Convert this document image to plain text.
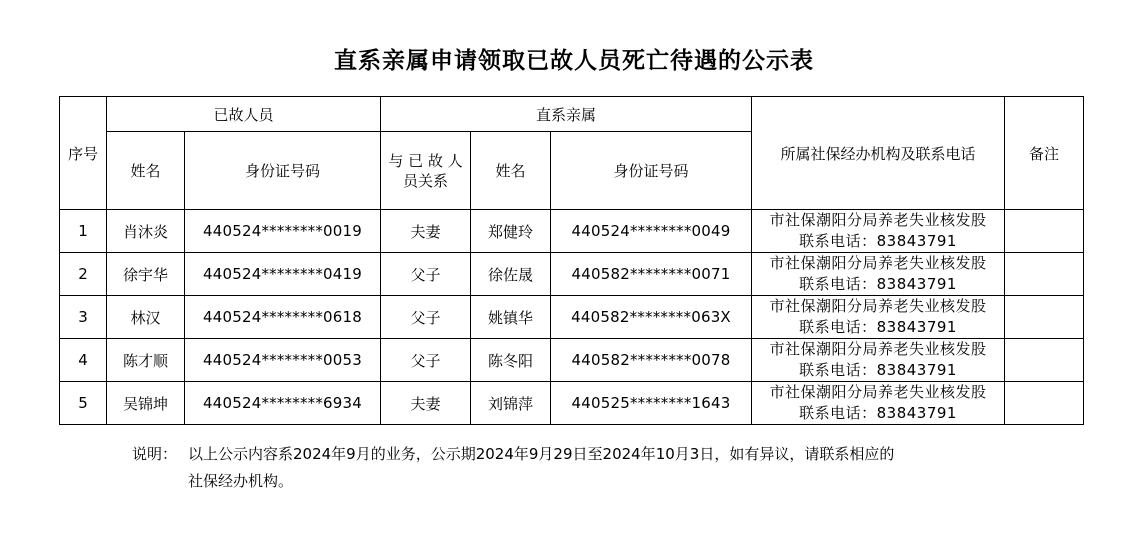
直系亲属申请领取已故人员死亡待遇的公示表
序号	已故人员		直系亲属			所属社保经办机构及联系电话	备注
	姓名	身份证号码	与 已 故 人员关系	姓名	身份证号码		
1	肖沐炎	440524********0019	夫妻	郑健玲	440524********0049	市社保潮阳分局养老失业核发股
联系电话：83843791	

2	徐宇华	440524********0419	父子	徐佐晟	440582********0071	市社保潮阳分局养老失业核发股
联系电话：83843791	

3	林汉	440524********0618	父子	姚镇华	440582********063X	市社保潮阳分局养老失业核发股
联系电话：83843791	

4	陈才顺	440524********0053	父子	陈冬阳	440582********0078	市社保潮阳分局养老失业核发股
联系电话：83843791	

5	吴锦坤	440524********6934	夫妻	刘锦萍	440525********1643	市社保潮阳分局养老失业核发股
联系电话：83843791	

说明： 以上公示内容系2024年9月的业务，公示期2024年9月29日至2024年10月3日，如有异议，请联系相应的
社保经办机构。
